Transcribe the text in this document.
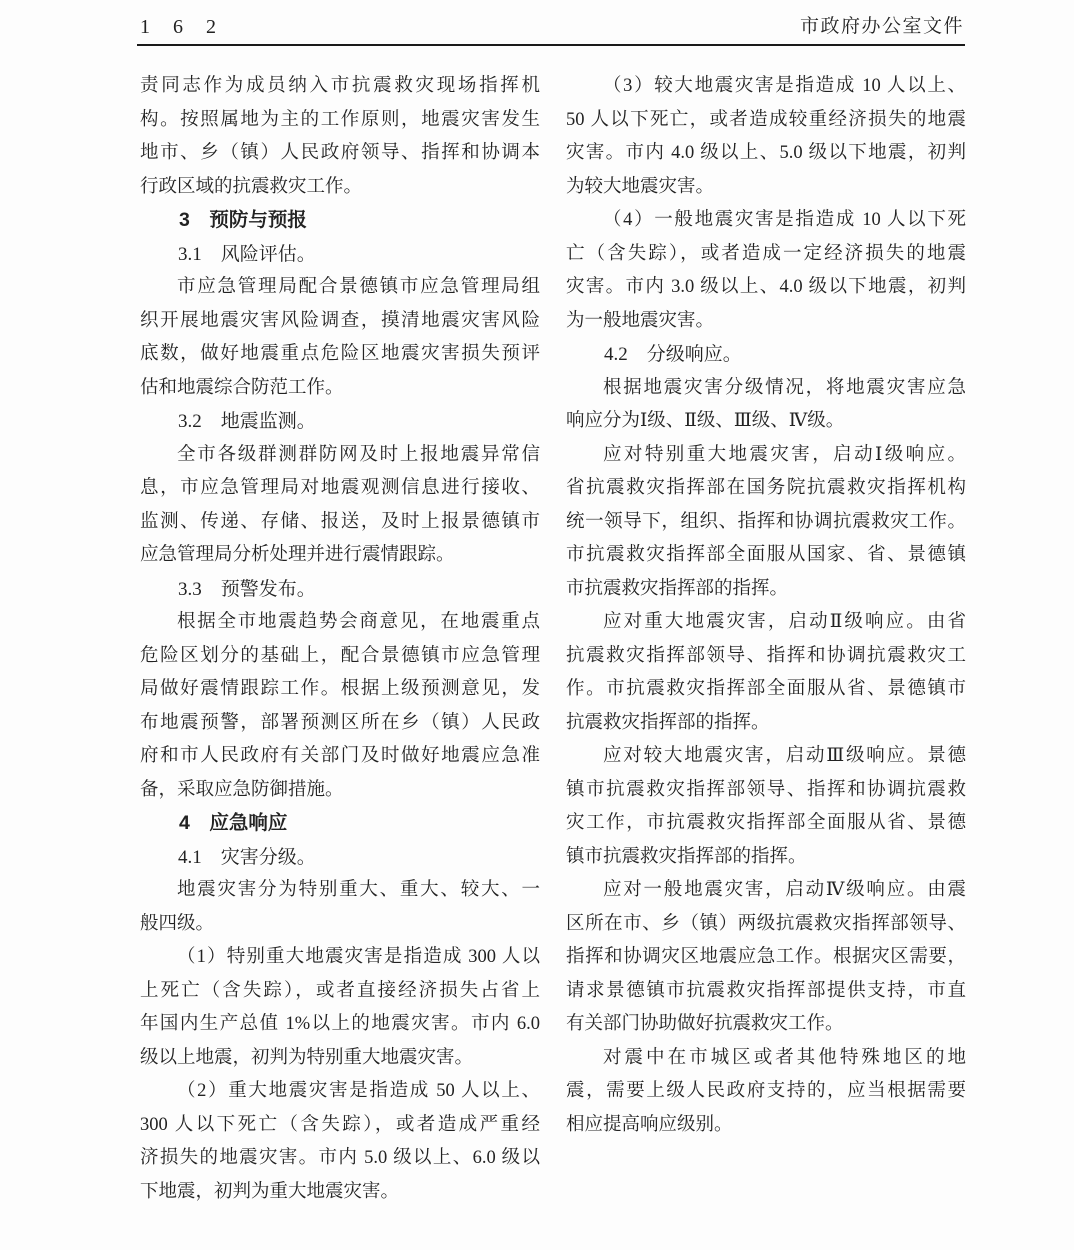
1 6 2	市政府办公室文件
责同志作为成员纳入市抗震救灾现场指挥机
构。按照属地为主的工作原则，地震灾害发生
地市、乡（镇）人民政府领导、指挥和协调本
行政区域的抗震救灾工作。
3　预防与预报
3.1　风险评估。
市应急管理局配合景德镇市应急管理局组
织开展地震灾害风险调查，摸清地震灾害风险
底数，做好地震重点危险区地震灾害损失预评
估和地震综合防范工作。
3.2　地震监测。
全市各级群测群防网及时上报地震异常信
息，市应急管理局对地震观测信息进行接收、
监测、传递、存储、报送，及时上报景德镇市
应急管理局分析处理并进行震情跟踪。
3.3　预警发布。
根据全市地震趋势会商意见，在地震重点
危险区划分的基础上，配合景德镇市应急管理
局做好震情跟踪工作。根据上级预测意见，发
布地震预警，部署预测区所在乡（镇）人民政
府和市人民政府有关部门及时做好地震应急准
备，采取应急防御措施。
4　应急响应
4.1　灾害分级。
地震灾害分为特别重大、重大、较大、一
般四级。
（1）特别重大地震灾害是指造成 300 人以
上死亡（含失踪），或者直接经济损失占省上
年国内生产总值 1%以上的地震灾害。市内 6.0
级以上地震，初判为特别重大地震灾害。
（2）重大地震灾害是指造成 50 人以上、
300 人以下死亡（含失踪），或者造成严重经
济损失的地震灾害。市内 5.0 级以上、6.0 级以
下地震，初判为重大地震灾害。
（3）较大地震灾害是指造成 10 人以上、
50 人以下死亡，或者造成较重经济损失的地震
灾害。市内 4.0 级以上、5.0 级以下地震，初判
为较大地震灾害。
（4）一般地震灾害是指造成 10 人以下死
亡（含失踪），或者造成一定经济损失的地震
灾害。市内 3.0 级以上、4.0 级以下地震，初判
为一般地震灾害。
4.2　分级响应。
根据地震灾害分级情况，将地震灾害应急
响应分为Ⅰ级、Ⅱ级、Ⅲ级、Ⅳ级。
应对特别重大地震灾害，启动Ⅰ级响应。
省抗震救灾指挥部在国务院抗震救灾指挥机构
统一领导下，组织、指挥和协调抗震救灾工作。
市抗震救灾指挥部全面服从国家、省、景德镇
市抗震救灾指挥部的指挥。
应对重大地震灾害，启动Ⅱ级响应。由省
抗震救灾指挥部领导、指挥和协调抗震救灾工
作。市抗震救灾指挥部全面服从省、景德镇市
抗震救灾指挥部的指挥。
应对较大地震灾害，启动Ⅲ级响应。景德
镇市抗震救灾指挥部领导、指挥和协调抗震救
灾工作，市抗震救灾指挥部全面服从省、景德
镇市抗震救灾指挥部的指挥。
应对一般地震灾害，启动Ⅳ级响应。由震
区所在市、乡（镇）两级抗震救灾指挥部领导、
指挥和协调灾区地震应急工作。根据灾区需要，
请求景德镇市抗震救灾指挥部提供支持，市直
有关部门协助做好抗震救灾工作。
对震中在市城区或者其他特殊地区的地
震，需要上级人民政府支持的，应当根据需要
相应提高响应级别。
